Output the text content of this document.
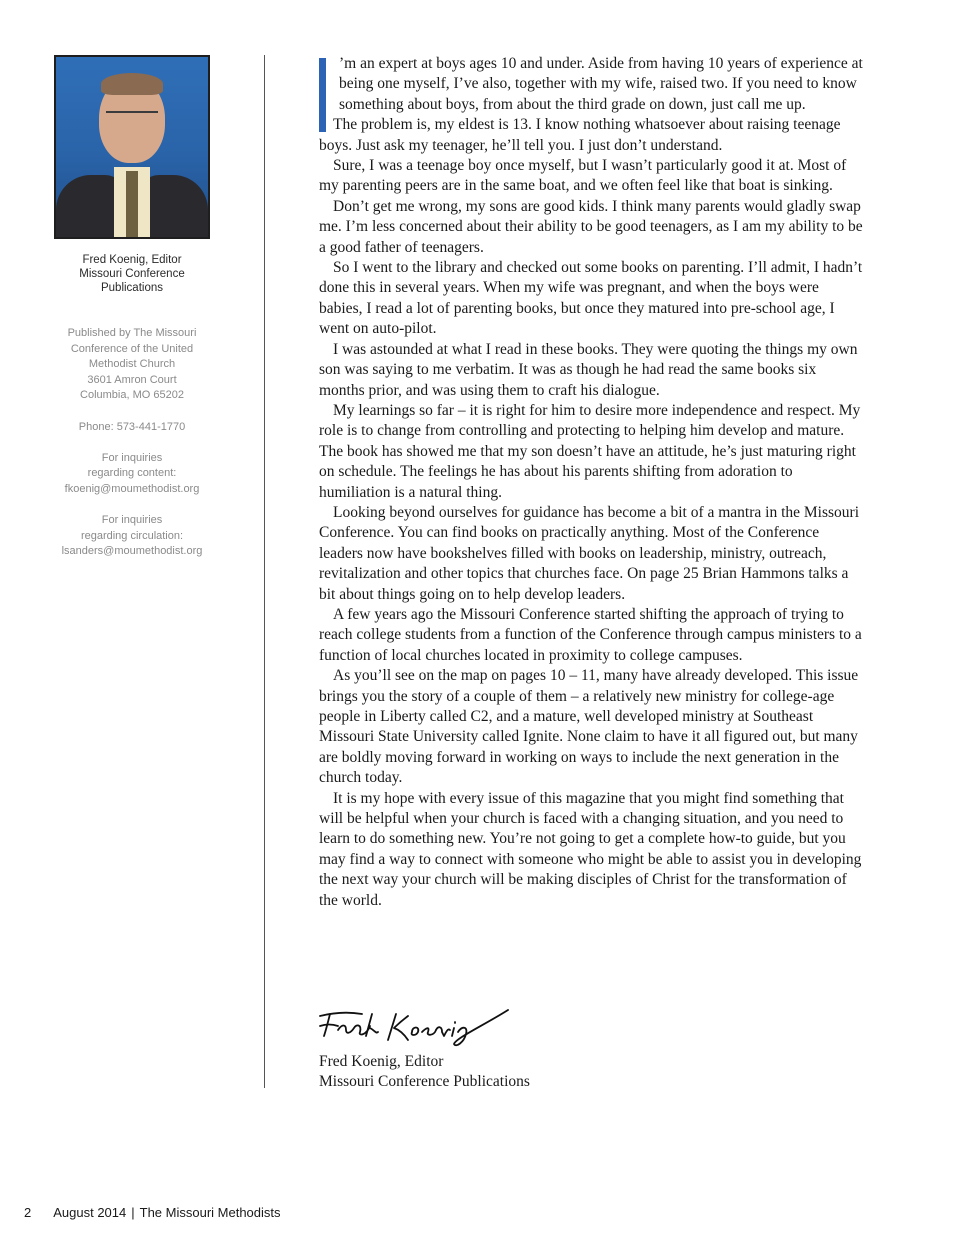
Fred Koenig, Editor
Missouri Conference
Publications
Published by The Missouri
Conference of the United
Methodist Church
3601 Amron Court
Columbia, MO 65202
Phone: 573-441-1770
For inquiries
regarding content:
fkoenig@moumethodist.org
For inquiries
regarding circulation:
lsanders@moumethodist.org

’m an expert at boys ages 10 and under. Aside from having 10 years of experience at being one myself, I’ve also, together with my wife, raised two. If you need to know something about boys, from about the third grade on down, just call me up.

The problem is, my eldest is 13. I know nothing whatsoever about raising teenage boys. Just ask my teenager, he’ll tell you. I just don’t understand.

Sure, I was a teenage boy once myself, but I wasn’t particularly good it at. Most of my parenting peers are in the same boat, and we often feel like that boat is sinking.

Don’t get me wrong, my sons are good kids. I think many parents would gladly swap me. I’m less concerned about their ability to be good teenagers, as I am my ability to be a good father of teenagers.

So I went to the library and checked out some books on parenting. I’ll admit, I hadn’t done this in several years. When my wife was pregnant, and when the boys were babies, I read a lot of parenting books, but once they matured into pre-school age, I went on auto-pilot.

I was astounded at what I read in these books. They were quoting the things my own son was saying to me verbatim. It was as though he had read the same books six months prior, and was using them to craft his dialogue.

My learnings so far – it is right for him to desire more independence and respect. My role is to change from controlling and protecting to helping him develop and mature. The book has showed me that my son doesn’t have an attitude, he’s just maturing right on schedule. The feelings he has about his parents shifting from adoration to humiliation is a natural thing.

Looking beyond ourselves for guidance has become a bit of a mantra in the Missouri Conference. You can find books on practically anything. Most of the Conference leaders now have bookshelves filled with books on leadership, ministry, outreach, revitalization and other topics that churches face. On page 25 Brian Hammons talks a bit about things going on to help develop leaders.

A few years ago the Missouri Conference started shifting the approach of trying to reach college students from a function of the Conference through campus ministers to a function of local churches located in proximity to college campuses.

As you’ll see on the map on pages 10 – 11, many have already developed. This issue brings you the story of a couple of them – a relatively new ministry for college-age people in Liberty called C2, and a mature, well developed ministry at Southeast Missouri State University called Ignite. None claim to have it all figured out, but many are boldly moving forward in working on ways to include the next generation in the church today.

It is my hope with every issue of this magazine that you might find something that will be helpful when your church is faced with a changing situation, and you need to learn to do something new. You’re not going to get a complete how-to guide, but you may find a way to connect with someone who might be able to assist you in developing the next way your church will be making disciples of Christ for the transformation of the world.

Fred Koenig, Editor
Missouri Conference Publications
2 August 2014 | The Missouri Methodists
